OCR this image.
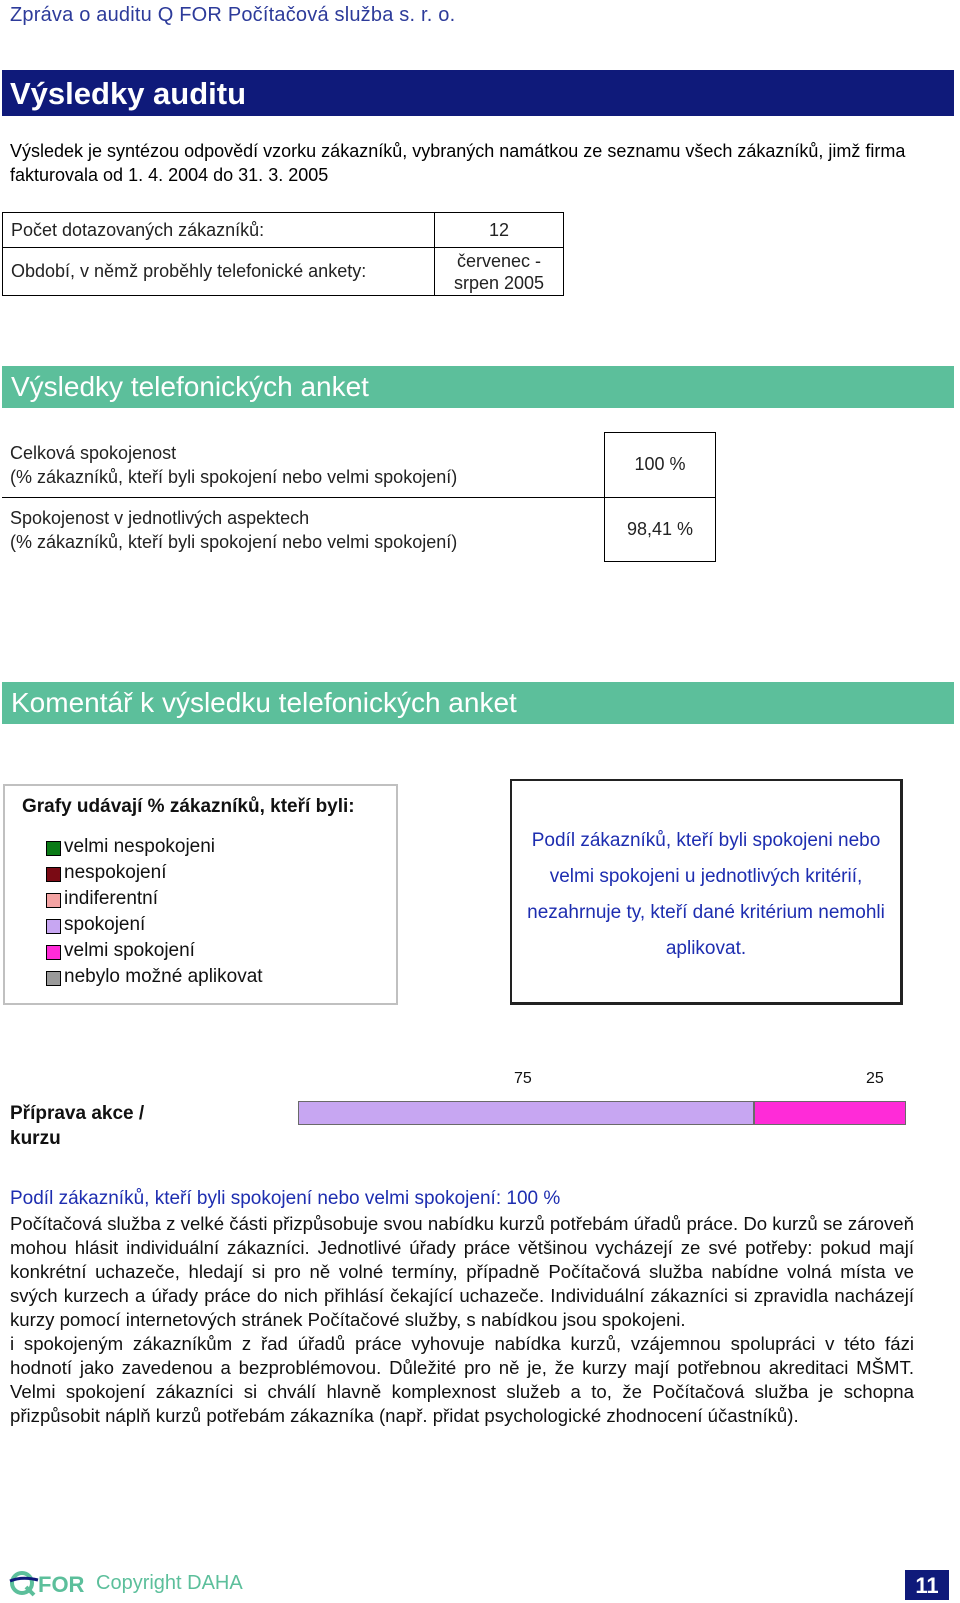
Zpráva o auditu Q FOR Počítačová služba s. r. o.
Výsledky auditu
Výsledek je syntézou odpovědí vzorku zákazníků, vybraných namátkou ze seznamu všech zákazníků, jimž firma fakturovala od 1. 4. 2004 do 31. 3. 2005
Počet dotazovaných zákazníků:	12
Období, v němž proběhly telefonické ankety:	červenec - srpen 2005
Výsledky telefonických anket
Celková spokojenost
(% zákazníků, kteří byli spokojení nebo velmi spokojení)	100 %

Spokojenost v jednotlivých aspektech
(% zákazníků, kteří byli spokojení nebo velmi spokojení)	98,41 %
Komentář k výsledku telefonických anket
Grafy udávají % zákazníků, kteří byli:
velmi nespokojeni
nespokojení
indiferentní
spokojení
velmi spokojení
nebylo možné aplikovat
Podíl zákazníků, kteří byli spokojeni nebo velmi spokojeni u jednotlivých kritérií, nezahrnuje ty, kteří dané kritérium nemohli aplikovat.
Příprava akce / kurzu
75	25
Podíl zákazníků, kteří byli spokojení nebo velmi spokojení: 100 %

Počítačová služba z velké části přizpůsobuje svou nabídku kurzů potřebám úřadů práce. Do kurzů se zároveň mohou hlásit individuální zákazníci. Jednotlivé úřady práce většinou vycházejí ze své potřeby: pokud mají konkrétní uchazeče, hledají si pro ně volné termíny, případně Počítačová služba nabídne volná místa ve svých kurzech a úřady práce do nich přihlásí čekající uchazeče. Individuální zákazníci si zpravidla nacházejí kurzy pomocí internetových stránek Počítačové služby, s nabídkou jsou spokojeni.

i spokojeným zákazníkům z řad úřadů práce vyhovuje nabídka kurzů, vzájemnou spolupráci v této fázi hodnotí jako zavedenou a bezproblémovou. Důležité pro ně je, že kurzy mají potřebnou akreditaci MŠMT. Velmi spokojení zákazníci si chválí hlavně komplexnost služeb a to, že Počítačová služba je schopna přizpůsobit náplň kurzů potřebám zákazníka (např. přidat psychologické zhodnocení účastníků).

FOR Copyright DAHA	11
